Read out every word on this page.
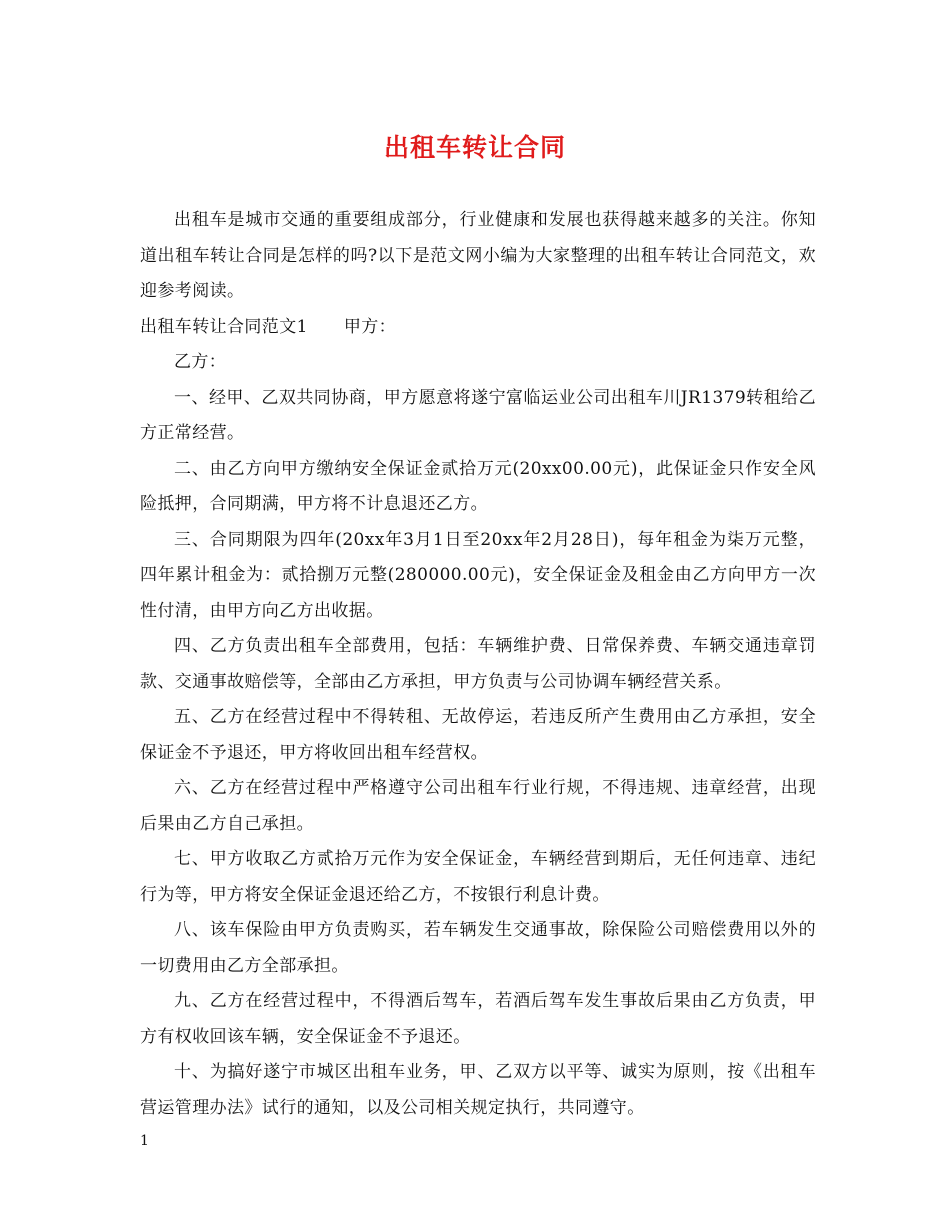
出租车转让合同

出租车是城市交通的重要组成部分，行业健康和发展也获得越来越多的关注。你知道出租车转让合同是怎样的吗?以下是范文网小编为大家整理的出租车转让合同范文，欢迎参考阅读。

出租车转让合同范文1 甲方：

乙方：

一、经甲、乙双共同协商，甲方愿意将遂宁富临运业公司出租车川JR1379转租给乙方正常经营。

二、由乙方向甲方缴纳安全保证金贰拾万元(20xx00.00元)，此保证金只作安全风险抵押，合同期满，甲方将不计息退还乙方。

三、合同期限为四年(20xx年3月1日至20xx年2月28日)，每年租金为柒万元整，四年累计租金为：贰拾捌万元整(280000.00元)，安全保证金及租金由乙方向甲方一次性付清，由甲方向乙方出收据。

四、乙方负责出租车全部费用，包括：车辆维护费、日常保养费、车辆交通违章罚款、交通事故赔偿等，全部由乙方承担，甲方负责与公司协调车辆经营关系。

五、乙方在经营过程中不得转租、无故停运，若违反所产生费用由乙方承担，安全保证金不予退还，甲方将收回出租车经营权。

六、乙方在经营过程中严格遵守公司出租车行业行规，不得违规、违章经营，出现后果由乙方自己承担。

七、甲方收取乙方贰拾万元作为安全保证金，车辆经营到期后，无任何违章、违纪行为等，甲方将安全保证金退还给乙方，不按银行利息计费。

八、该车保险由甲方负责购买，若车辆发生交通事故，除保险公司赔偿费用以外的一切费用由乙方全部承担。

九、乙方在经营过程中，不得酒后驾车，若酒后驾车发生事故后果由乙方负责，甲方有权收回该车辆，安全保证金不予退还。

十、为搞好遂宁市城区出租车业务，甲、乙双方以平等、诚实为原则，按《出租车营运管理办法》试行的通知，以及公司相关规定执行，共同遵守。

1
